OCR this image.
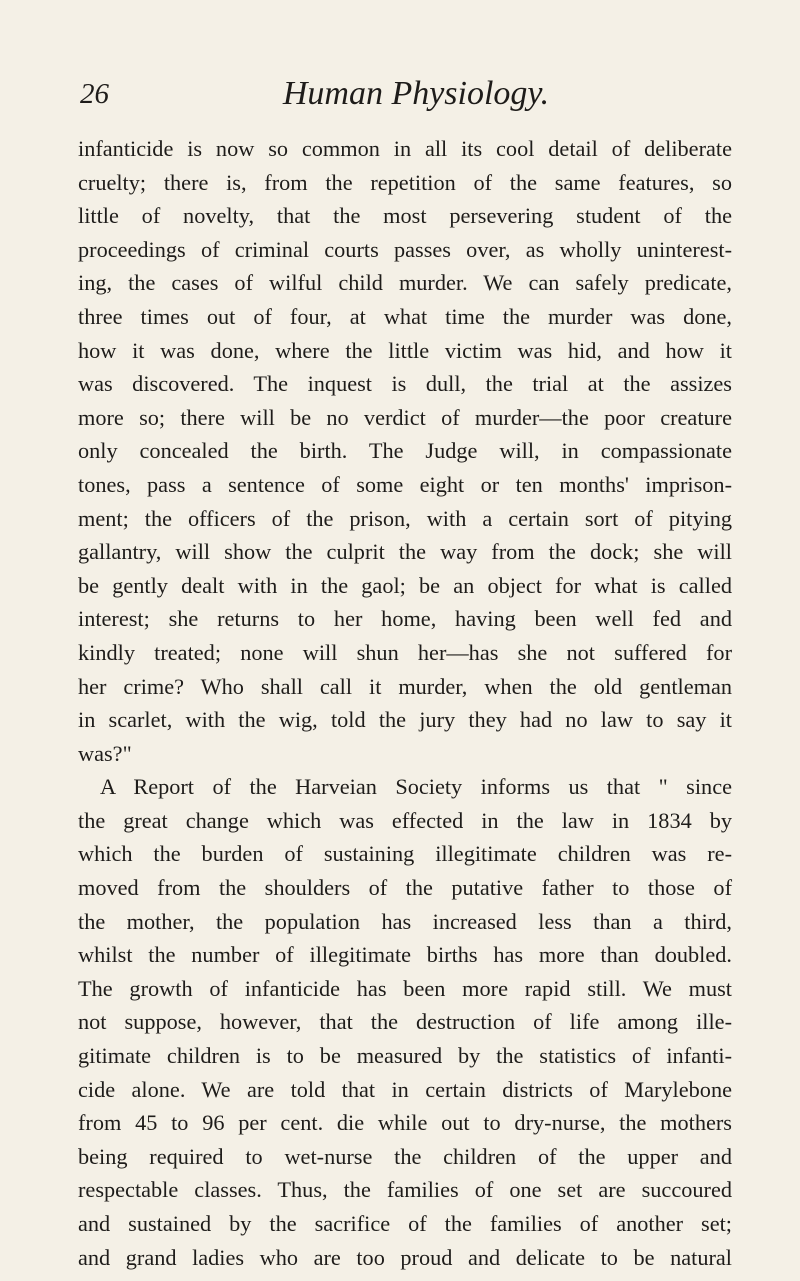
26	Human Physiology.
infanticide is now so common in all its cool detail of deliberate
cruelty; there is, from the repetition of the same features, so
little of novelty, that the most persevering student of the
proceedings of criminal courts passes over, as wholly uninterest-
ing, the cases of wilful child murder. We can safely predicate,
three times out of four, at what time the murder was done,
how it was done, where the little victim was hid, and how it
was discovered. The inquest is dull, the trial at the assizes
more so; there will be no verdict of murder—the poor creature
only concealed the birth. The Judge will, in compassionate
tones, pass a sentence of some eight or ten months' imprison-
ment; the officers of the prison, with a certain sort of pitying
gallantry, will show the culprit the way from the dock; she will
be gently dealt with in the gaol; be an object for what is called
interest; she returns to her home, having been well fed and
kindly treated; none will shun her—has she not suffered for
her crime? Who shall call it murder, when the old gentleman
in scarlet, with the wig, told the jury they had no law to say it
was?"
A Report of the Harveian Society informs us that " since
the great change which was effected in the law in 1834 by
which the burden of sustaining illegitimate children was re-
moved from the shoulders of the putative father to those of
the mother, the population has increased less than a third,
whilst the number of illegitimate births has more than doubled.
The growth of infanticide has been more rapid still. We must
not suppose, however, that the destruction of life among ille-
gitimate children is to be measured by the statistics of infanti-
cide alone. We are told that in certain districts of Marylebone
from 45 to 96 per cent. die while out to dry-nurse, the mothers
being required to wet-nurse the children of the upper and
respectable classes. Thus, the families of one set are succoured
and sustained by the sacrifice of the families of another set;
and grand ladies who are too proud and delicate to be natural
